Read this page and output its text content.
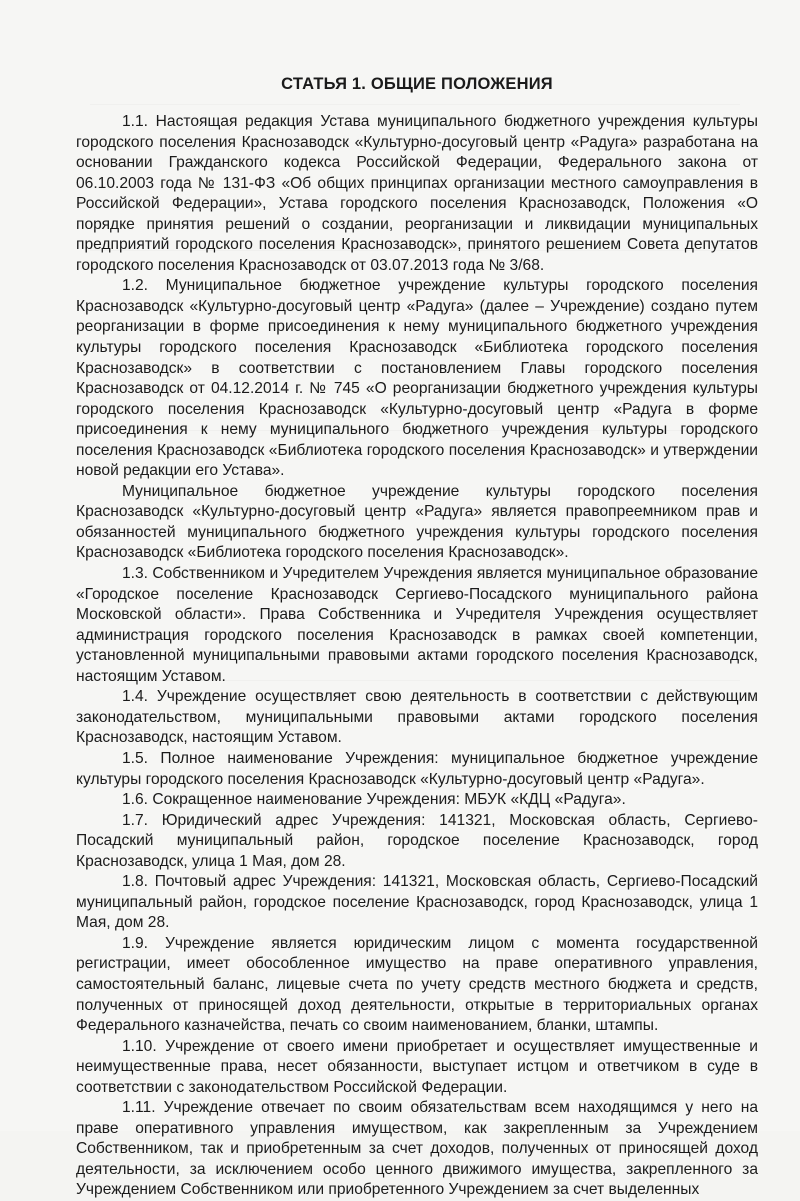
СТАТЬЯ 1. ОБЩИЕ ПОЛОЖЕНИЯ

1.1. Настоящая редакция Устава муниципального бюджетного учреждения культуры городского поселения Краснозаводск «Культурно-досуговый центр «Радуга» разработана на основании Гражданского кодекса Российской Федерации, Федерального закона от 06.10.2003 года № 131-ФЗ «Об общих принципах организации местного самоуправления в Российской Федерации», Устава городского поселения Краснозаводск, Положения «О порядке принятия решений о создании, реорганизации и ликвидации муниципальных предприятий городского поселения Краснозаводск», принятого решением Совета депутатов городского поселения Краснозаводск от 03.07.2013 года № 3/68.

1.2. Муниципальное бюджетное учреждение культуры городского поселения Краснозаводск «Культурно-досуговый центр «Радуга» (далее – Учреждение) создано путем реорганизации в форме присоединения к нему муниципального бюджетного учреждения культуры городского поселения Краснозаводск «Библиотека городского поселения Краснозаводск» в соответствии с постановлением Главы городского поселения Краснозаводск от 04.12.2014 г. № 745 «О реорганизации бюджетного учреждения культуры городского поселения Краснозаводск «Культурно-досуговый центр «Радуга в форме присоединения к нему муниципального бюджетного учреждения культуры городского поселения Краснозаводск «Библиотека городского поселения Краснозаводск» и утверждении новой редакции его Устава».

Муниципальное бюджетное учреждение культуры городского поселения Краснозаводск «Культурно-досуговый центр «Радуга» является правопреемником прав и обязанностей муниципального бюджетного учреждения культуры городского поселения Краснозаводск «Библиотека городского поселения Краснозаводск».

1.3. Собственником и Учредителем Учреждения является муниципальное образование «Городское поселение Краснозаводск Сергиево-Посадского муниципального района Московской области». Права Собственника и Учредителя Учреждения осуществляет администрация городского поселения Краснозаводск в рамках своей компетенции, установленной муниципальными правовыми актами городского поселения Краснозаводск, настоящим Уставом.

1.4. Учреждение осуществляет свою деятельность в соответствии с действующим законодательством, муниципальными правовыми актами городского поселения Краснозаводск, настоящим Уставом.

1.5. Полное наименование Учреждения: муниципальное бюджетное учреждение культуры городского поселения Краснозаводск «Культурно-досуговый центр «Радуга».

1.6. Сокращенное наименование Учреждения: МБУК «КДЦ «Радуга».

1.7. Юридический адрес Учреждения: 141321, Московская область, Сергиево-Посадский муниципальный район, городское поселение Краснозаводск, город Краснозаводск, улица 1 Мая, дом 28.

1.8. Почтовый адрес Учреждения: 141321, Московская область, Сергиево-Посадский муниципальный район, городское поселение Краснозаводск, город Краснозаводск, улица 1 Мая, дом 28.

1.9. Учреждение является юридическим лицом с момента государственной регистрации, имеет обособленное имущество на праве оперативного управления, самостоятельный баланс, лицевые счета по учету средств местного бюджета и средств, полученных от приносящей доход деятельности, открытые в территориальных органах Федерального казначейства, печать со своим наименованием, бланки, штампы.

1.10. Учреждение от своего имени приобретает и осуществляет имущественные и неимущественные права, несет обязанности, выступает истцом и ответчиком в суде в соответствии с законодательством Российской Федерации.

1.11. Учреждение отвечает по своим обязательствам всем находящимся у него на праве оперативного управления имуществом, как закрепленным за Учреждением Собственником, так и приобретенным за счет доходов, полученных от приносящей доход деятельности, за исключением особо ценного движимого имущества, закрепленного за Учреждением Собственником или приобретенного Учреждением за счет выделенных
